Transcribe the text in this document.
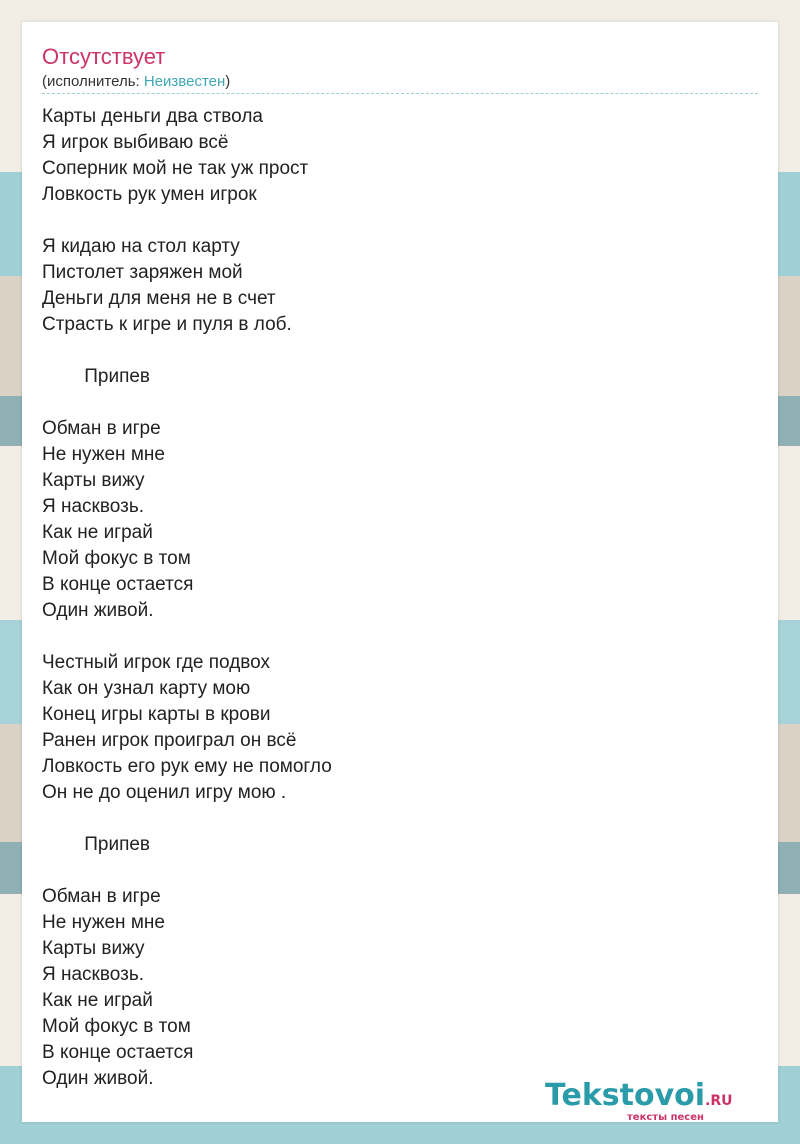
Отсутствует
(исполнитель: Неизвестен)
Карты деньги два ствола
Я игрок выбиваю всё
Соперник мой не так уж прост
Ловкость рук умен игрок
Я кидаю на стол карту
Пистолет заряжен мой
Деньги для меня не в счет
Страсть к игре и пуля в лоб.
Припев
Обман в игре
Не нужен мне
Карты вижу
Я насквозь.
Как не играй
Мой фокус в том
В конце остается
Один живой.
Честный игрок где подвох
Как он узнал карту мою
Конец игры карты в крови
Ранен игрок проиграл он всё
Ловкость его рук ему не помогло
Он не до оценил игру мою .
Припев
Обман в игре
Не нужен мне
Карты вижу
Я насквозь.
Как не играй
Мой фокус в том
В конце остается
Один живой.	Tekstovoi.RU
тексты песен
